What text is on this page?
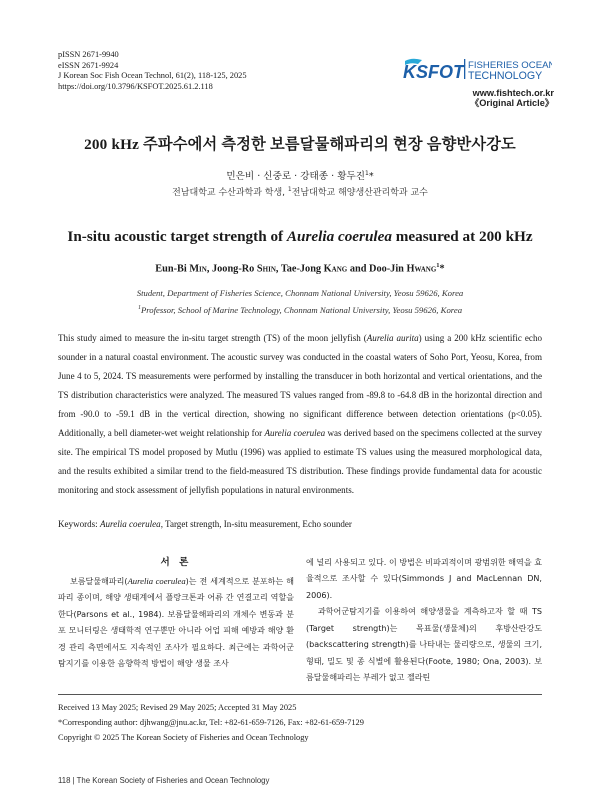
pISSN 2671-9940
eISSN 2671-9924
J Korean Soc Fish Ocean Technol, 61(2), 118-125, 2025
https://doi.org/10.3796/KSFOT.2025.61.2.118
KSFOT FISHERIES OCEAN
TECHNOLOGY
www.fishtech.or.kr
《Original Article》
200 kHz 주파수에서 측정한 보름달물해파리의 현장 음향반사강도
민은비 · 신중로 · 강태종 · 황두진$^1$*
전남대학교 수산과학과 학생, $^1$전남대학교 해양생산관리학과 교수
In-situ acoustic target strength of Aurelia coerulea measured at 200 kHz
Eun-Bi Min, Joong-Ro Shin, Tae-Jong Kang and Doo-Jin Hwang$^1$*
Student, Department of Fisheries Science, Chonnam National University, Yeosu 59626, Korea
$^1$Professor, School of Marine Technology, Chonnam National University, Yeosu 59626, Korea
This study aimed to measure the in-situ target strength (TS) of the moon jellyfish (Aurelia aurita) using a 200 kHz scientific echo sounder in a natural coastal environment. The acoustic survey was conducted in the coastal waters of Soho Port, Yeosu, Korea, from June 4 to 5, 2024. TS measurements were performed by installing the transducer in both horizontal and vertical orientations, and the TS distribution characteristics were analyzed. The measured TS values ranged from -89.8 to -64.8 dB in the horizontal direction and from -90.0 to -59.1 dB in the vertical direction, showing no significant difference between detection orientations (p<0.05). Additionally, a bell diameter-wet weight relationship for Aurelia coerulea was derived based on the specimens collected at the survey site. The empirical TS model proposed by Mutlu (1996) was applied to estimate TS values using the measured morphological data, and the results exhibited a similar trend to the field-measured TS distribution. These findings provide fundamental data for acoustic monitoring and stock assessment of jellyfish populations in natural environments.
Keywords: Aurelia coerulea, Target strength, In-situ measurement, Echo sounder
서 론

보름달물해파리(Aurelia coerulea)는 전 세계적으로 분포하는 해파리 종이며, 해양 생태계에서 플랑크톤과 어류 간 연결고리 역할을 한다(Parsons et al., 1984). 보름달물해파리의 개체수 변동과 분포 모니터링은 생태학적 연구뿐만 아니라 어업 피해 예방과 해양 환경 관리 측면에서도 지속적인 조사가 필요하다. 최근에는 과학어군탐지기를 이용한 음향학적 방법이 해양 생물 조사

에 널리 사용되고 있다. 이 방법은 비파괴적이며 광범위한 해역을 효율적으로 조사할 수 있다(Simmonds J and MacLennan DN, 2006).

과학어군탐지기를 이용하여 해양생물을 계측하고자 할 때 TS (Target strength)는 목표물(생물체)의 후방산란강도(backscattering strength)를 나타내는 물리량으로, 생물의 크기, 형태, 밀도 및 종 식별에 활용된다(Foote, 1980; Ona, 2003). 보름달물해파리는 부레가 없고 젤라틴

Received 13 May 2025; Revised 29 May 2025; Accepted 31 May 2025
*Corresponding author: djhwang@jnu.ac.kr, Tel: +82-61-659-7126, Fax: +82-61-659-7129
Copyright © 2025 The Korean Society of Fisheries and Ocean Technology
118 | The Korean Society of Fisheries and Ocean Technology
